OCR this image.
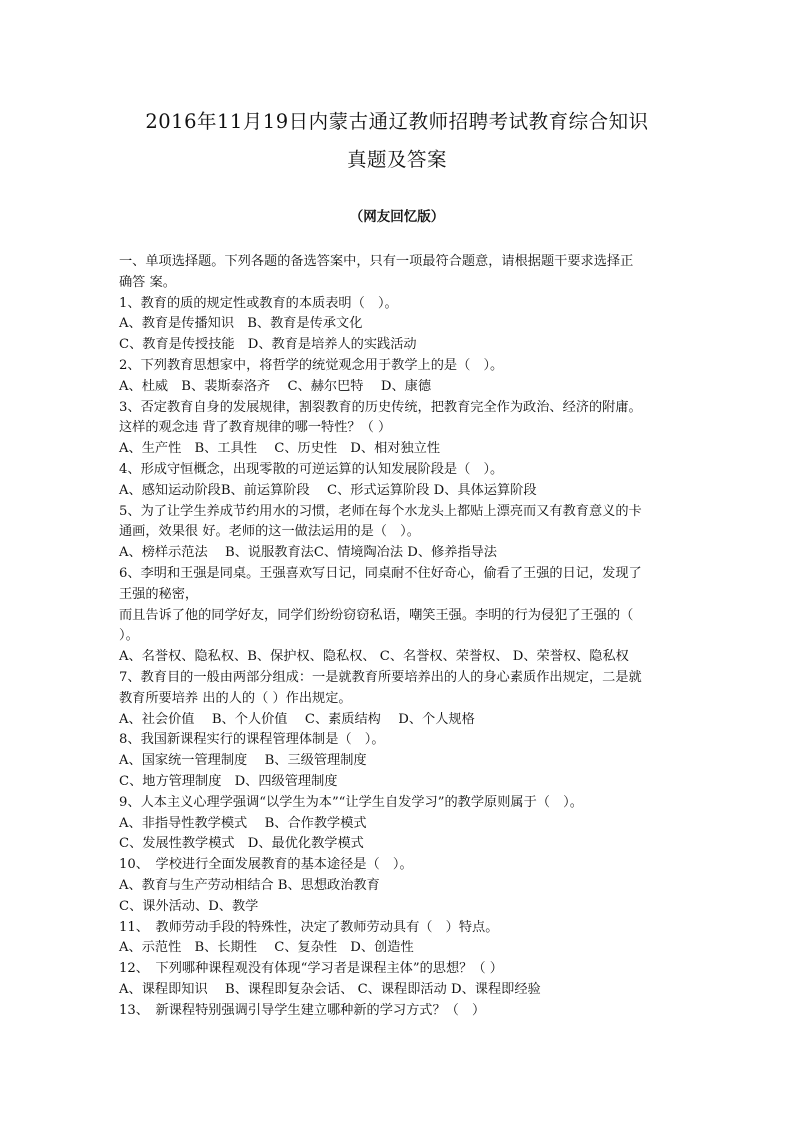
2016年11月19日内蒙古通辽教师招聘考试教育综合知识
真题及答案
（网友回忆版）
一、单项选择题。下列各题的备选答案中，只有一项最符合题意，请根据题干要求选择正
确答 案。
1、教育的质的规定性或教育的本质表明（　）。
A、教育是传播知识　B、教育是传承文化
C、教育是传授技能　D、教育是培养人的实践活动
2、下列教育思想家中，将哲学的统觉观念用于教学上的是（　）。
A、杜威　B、裴斯泰洛齐　 C、赫尔巴特　 D、康德
3、否定教育自身的发展规律，割裂教育的历史传统，把教育完全作为政治、经济的附庸。
这样的观念违 背了教育规律的哪一特性？（ ）
A、生产性　B、工具性　 C、历史性　D、相对独立性
4、形成守恒概念，出现零散的可逆运算的认知发展阶段是（　）。
A、感知运动阶段B、前运算阶段　 C、形式运算阶段 D、具体运算阶段
5、为了让学生养成节约用水的习惯，老师在每个水龙头上都贴上漂亮而又有教育意义的卡
通画，效果很 好。老师的这一做法运用的是（　）。
A、榜样示范法　 B、说服教育法C、情境陶冶法 D、修养指导法
6、李明和王强是同桌。王强喜欢写日记，同桌耐不住好奇心，偷看了王强的日记，发现了
王强的秘密，
而且告诉了他的同学好友，同学们纷纷窃窃私语，嘲笑王强。李明的行为侵犯了王强的（
）。
A、名誉权、隐私权、B、保护权、隐私权、 C、名誉权、荣誉权、 D、荣誉权、隐私权
7、教育目的一般由两部分组成：一是就教育所要培养出的人的身心素质作出规定，二是就
教育所要培养 出的人的（ ）作出规定。
A、社会价值　 B、个人价值　 C、素质结构　 D、个人规格
8、我国新课程实行的课程管理体制是（　）。
A、国家统一管理制度　 B、三级管理制度
C、地方管理制度　D、四级管理制度
9、人本主义心理学强调“以学生为本”“让学生自发学习”的教学原则属于（　）。
A、非指导性教学模式　 B、合作教学模式
C、发展性教学模式　D、最优化教学模式
10、　学校进行全面发展教育的基本途径是（　）。
A、教育与生产劳动相结合 B、思想政治教育
C、课外活动、D、教学
11、　教师劳动手段的特殊性，决定了教师劳动具有（　）特点。
A、示范性　B、长期性　 C、复杂性　D、创造性
12、　下列哪种课程观没有体现“学习者是课程主体”的思想？（ ）
A、课程即知识　 B、课程即复杂会话、 C、课程即活动 D、课程即经验
13、　新课程特别强调引导学生建立哪种新的学习方式？（　）
